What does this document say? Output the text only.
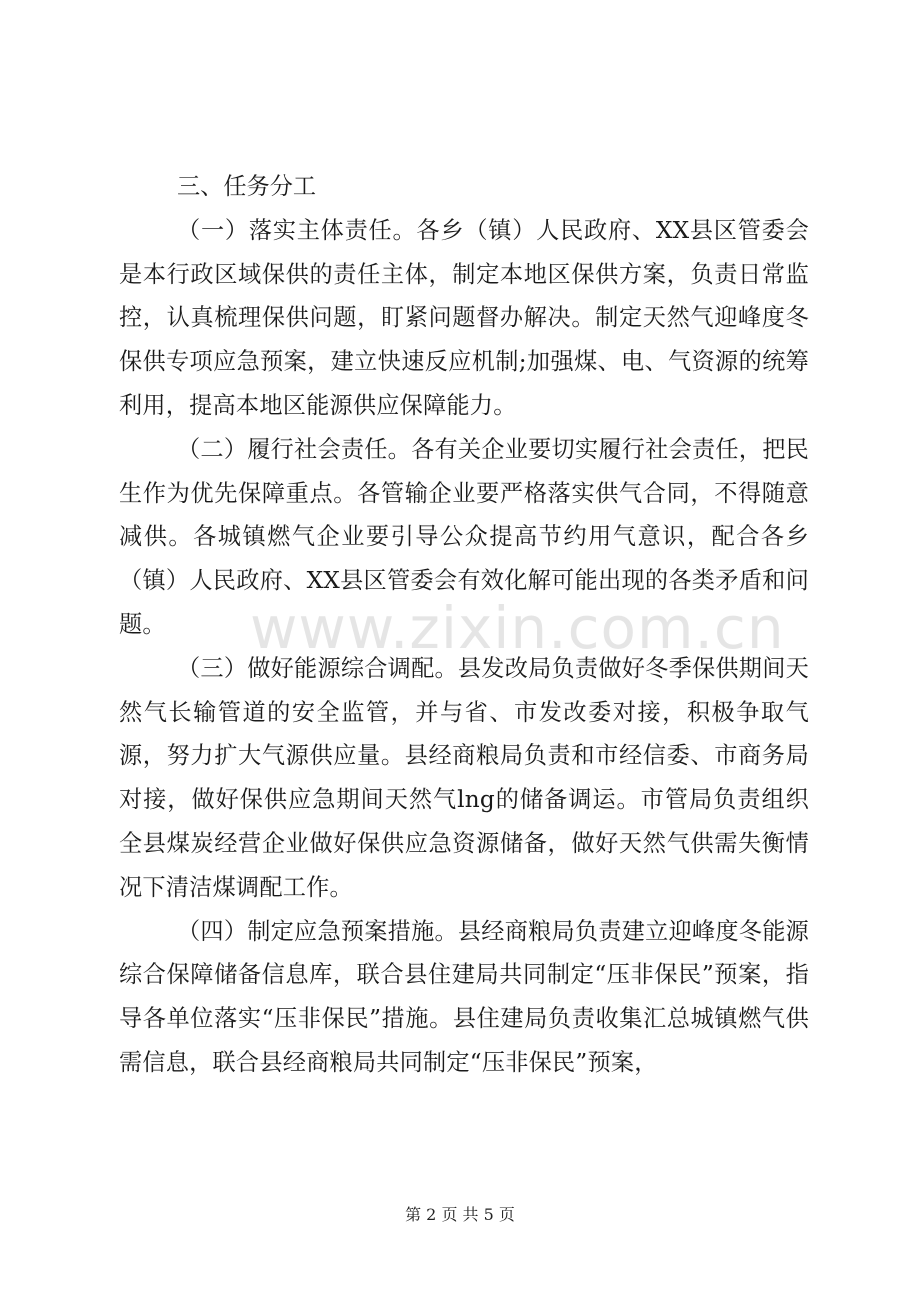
三、任务分工

（一）落实主体责任。各乡（镇）人民政府、XX县区管委会是本行政区域保供的责任主体，制定本地区保供方案，负责日常监控，认真梳理保供问题，盯紧问题督办解决。制定天然气迎峰度冬保供专项应急预案，建立快速反应机制;加强煤、电、气资源的统筹利用，提高本地区能源供应保障能力。

（二）履行社会责任。各有关企业要切实履行社会责任，把民生作为优先保障重点。各管输企业要严格落实供气合同，不得随意减供。各城镇燃气企业要引导公众提高节约用气意识，配合各乡（镇）人民政府、XX县区管委会有效化解可能出现的各类矛盾和问题。

（三）做好能源综合调配。县发改局负责做好冬季保供期间天然气长输管道的安全监管，并与省、市发改委对接，积极争取气源，努力扩大气源供应量。县经商粮局负责和市经信委、市商务局对接，做好保供应急期间天然气lng的储备调运。市管局负责组织全县煤炭经营企业做好保供应急资源储备，做好天然气供需失衡情况下清洁煤调配工作。

（四）制定应急预案措施。县经商粮局负责建立迎峰度冬能源综合保障储备信息库，联合县住建局共同制定“压非保民”预案，指导各单位落实“压非保民”措施。县住建局负责收集汇总城镇燃气供需信息，联合县经商粮局共同制定“压非保民”预案，

www.zixin.com.cn
第 2 页 共 5 页
